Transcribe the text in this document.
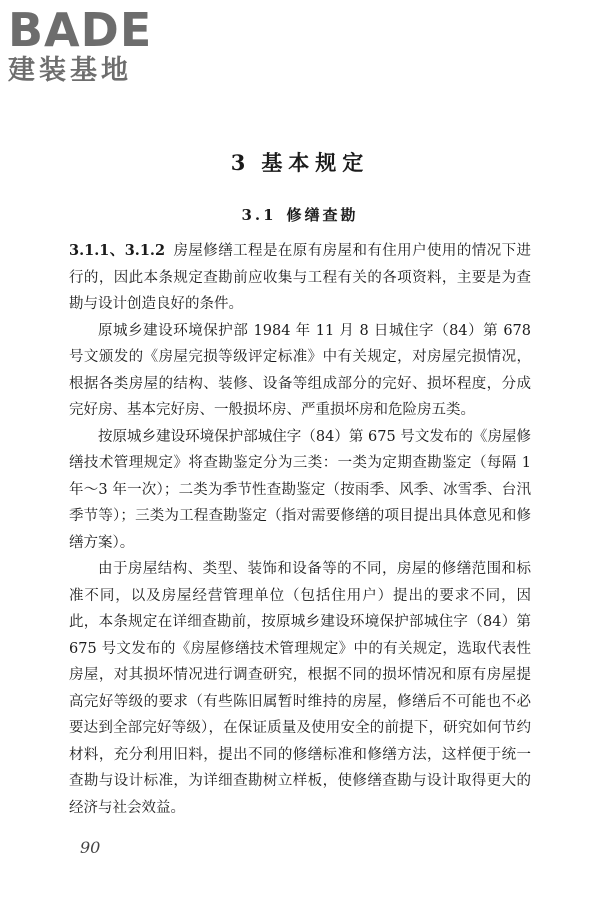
BADE
建装基地
3 基本规定
3.1 修缮查勘

3.1.1、3.1.2 房屋修缮工程是在原有房屋和有住用户使用的情况下进行的，因此本条规定查勘前应收集与工程有关的各项资料，主要是为查勘与设计创造良好的条件。

原城乡建设环境保护部 1984 年 11 月 8 日城住字（84）第 678 号文颁发的《房屋完损等级评定标准》中有关规定，对房屋完损情况，根据各类房屋的结构、装修、设备等组成部分的完好、损坏程度，分成完好房、基本完好房、一般损坏房、严重损坏房和危险房五类。

按原城乡建设环境保护部城住字（84）第 675 号文发布的《房屋修缮技术管理规定》将查勘鉴定分为三类：一类为定期查勘鉴定（每隔 1 年～3 年一次）；二类为季节性查勘鉴定（按雨季、风季、冰雪季、台汛季节等）；三类为工程查勘鉴定（指对需要修缮的项目提出具体意见和修缮方案）。

由于房屋结构、类型、装饰和设备等的不同，房屋的修缮范围和标准不同，以及房屋经营管理单位（包括住用户）提出的要求不同，因此，本条规定在详细查勘前，按原城乡建设环境保护部城住字（84）第 675 号文发布的《房屋修缮技术管理规定》中的有关规定，选取代表性房屋，对其损坏情况进行调查研究，根据不同的损坏情况和原有房屋提高完好等级的要求（有些陈旧属暂时维持的房屋，修缮后不可能也不必要达到全部完好等级），在保证质量及使用安全的前提下，研究如何节约材料，充分利用旧料，提出不同的修缮标准和修缮方法，这样便于统一查勘与设计标准，为详细查勘树立样板，使修缮查勘与设计取得更大的经济与社会效益。

90
